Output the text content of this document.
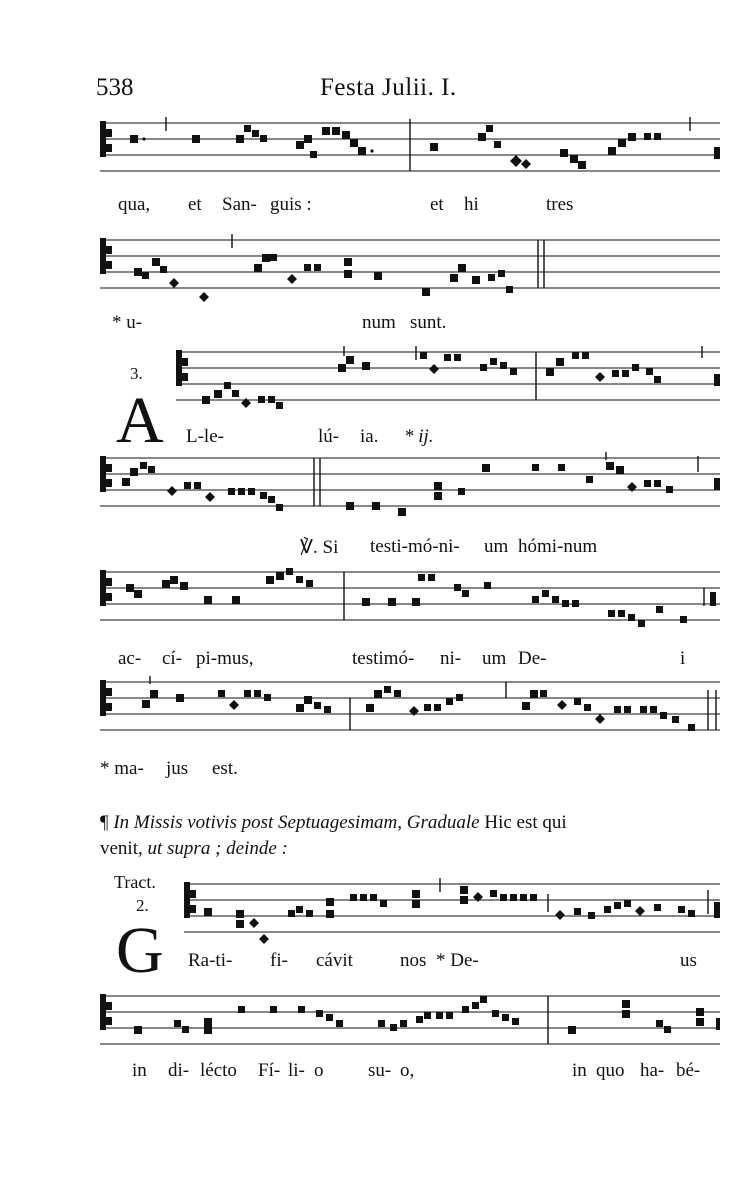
538	Festa Julii. I.
qua, et San- guis :	et hi	tres
* u-	num sunt.
3.
A L-le-	lú- ia. * ij.
℣. Si testi-mó-ni- um hómi-num
ac- cí- pi-mus,	testimó- ni- um De-	i
* ma- jus est.
¶ In Missis votivis post Septuagesimam, Graduale Hic est qui
venit, ut supra ; deinde :
Tract.
2.
G Ra-ti- fi- cávit nos * De-	us
in di- lécto Fí- li- o su- o,	in quo ha- bé-
